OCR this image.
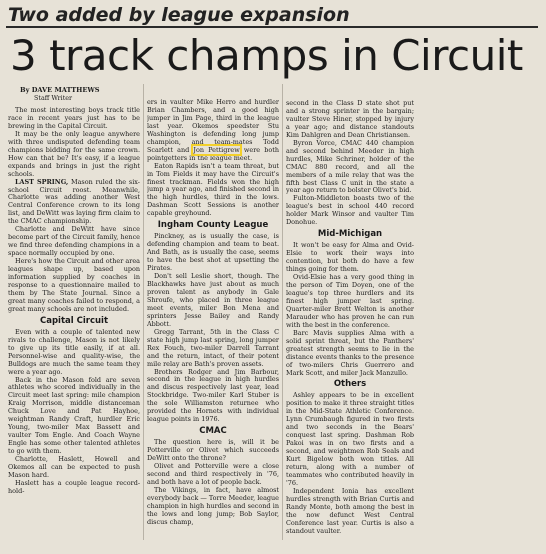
Two added by league expansion
3 track champs in Circuit
By DAVE MATTHEWS
Staff Writer

The most interesting boys track title race in recent years just has to be brewing in the Capital Circuit.

It may be the only league anywhere with three undisputed defending team champions bidding for the same crown. How can that be? It's easy, if a league expands and brings in just the right schools.

LAST SPRING, Mason ruled the six-school Circuit roost. Meanwhile, Charlotte was adding another West Central Conference crown to its long list, and DeWitt was laying firm claim to the CMAC championship.

Charlotte and DeWitt have since become part of the Circuit family, hence we find three defending champions in a space normally occupied by one.

Here's how the Circuit and other area leagues shape up, based upon information supplied by coaches in response to a questionnaire mailed to them by The State Journal. Since a great many coaches failed to respond, a great many schools are not included.

Capital Circuit

Even with a couple of talented new rivals to challenge, Mason is not likely to give up its title easily, if at all. Personnel-wise and quality-wise, the Bulldogs are much the same team they were a year ago.

Back in the Mason fold are seven athletes who scored individually in the Circuit meet last spring: mile champion Kraig Morrison, middle distanceman Chuck Love and Pat Hayhoe, weightman Randy Craft, hurdler Eric Young, two-miler Max Bassett and vaulter Tom Engle. And Coach Wayne Engle has some other talented athletes to go with them.

Charlotte, Haslett, Howell and Okemos all can be expected to push Mason hard.

Haslett has a couple league record-hold-

ers in vaulter Mike Herro and hurdler Brian Chambers, and a good high jumper in Jim Page, third in the league last year. Okemos speedster Stu Washington is defending long jump champion, and team-mates Todd Scarlett and Jon Pettigrew were both pointgetters in the league meet.

Eaton Rapids isn't a team threat, but in Tom Fields it may have the Circuit's finest trackman. Fields won the high jump a year ago, and finished second in the high hurdles, third in the lows. Dashman Scott Sessions is another capable greyhound.

Ingham County League

Pinckney, as is usually the case, is defending champion and team to beat. And Bath, as is usually the case, seems to have the best shot at upsetting the Pirates.

Don't sell Leslie short, though. The Blackhawks have just about as much proven talent as anybody in Gale Shroufe, who placed in three league meet events, miler Bon Mena and sprinters Jesse Bailey and Randy Abbott.

Gregg Tarrant, 5th in the Class C state high jump last spring, long jumper Rex Fouch, two-miler Darrell Tarrant and the return, intact, of their potent mile relay are Bath's proven assets.

Brothers Rodger and Jim Barbour, second in the league in high hurdles and discus respectively last year, lead Stockbridge. Two-miler Karl Stuber is the sole Williamston returnee who provided the Hornets with individual league points in 1976.

CMAC

The question here is, will it be Potterville or Olivet which succeeds DeWitt onto the throne?

Olivet and Potterville were a close second and third respectively in '76, and both have a lot of people back.

The Vikings, in fact, have almost everybody back — Torre Meeder, league champion in high hurdles and second in the lows and long jump; Bob Saylor, discus champ,

second in the Class D state shot put and a strong sprinter in the bargain; vaulter Steve Hiner, stopped by injury a year ago; and distance standouts Kim Dahlgren and Dean Christiansen.

Byron Vorce, CMAC 440 champion and second behind Meeder in high hurdles, Mike Schriner, holder of the CMAC 880 record, and all the members of a mile relay that was the fifth best Class C unit in the state a year ago return to bolster Olivet's bid.

Fulton-Middleton boasts two of the league's best in school 440 record holder Mark Winsor and vaulter Tim Donohue.

Mid-Michigan

It won't be easy for Alma and Ovid-Elsie to work their ways into contention, but both do have a few things going for them.

Ovid-Elsie has a very good thing in the person of Tim Doyen, one of the league's top three hurdlers and its finest high jumper last spring. Quarter-miler Brett Welton is another Marauder who has proven he can run with the best in the conference.

Barc Mavis supplies Alma with a solid sprint threat, but the Panthers' greatest strength seems to lie in the distance events thanks to the presence of two-milers Chris Guerrero and Mark Scott, and miler Jack Manzullo.

Others

Ashley appears to be in excellent position to make it three straight titles in the Mid-State Athletic Conference. Lynn Crumbaugh figured in two firsts and two seconds in the Bears' conquest last spring. Dashman Rob Pakoi was in on two firsts and a second, and weightmen Rob Seals and Kurt Bigelow both won titles. All return, along with a number of teammates who contributed heavily in '76.

Independent Ionia has excellent hurdles strength with Brian Curtis and Randy Monte, both among the best in the now defunct West Central Conference last year. Curtis is also a standout vaulter.
